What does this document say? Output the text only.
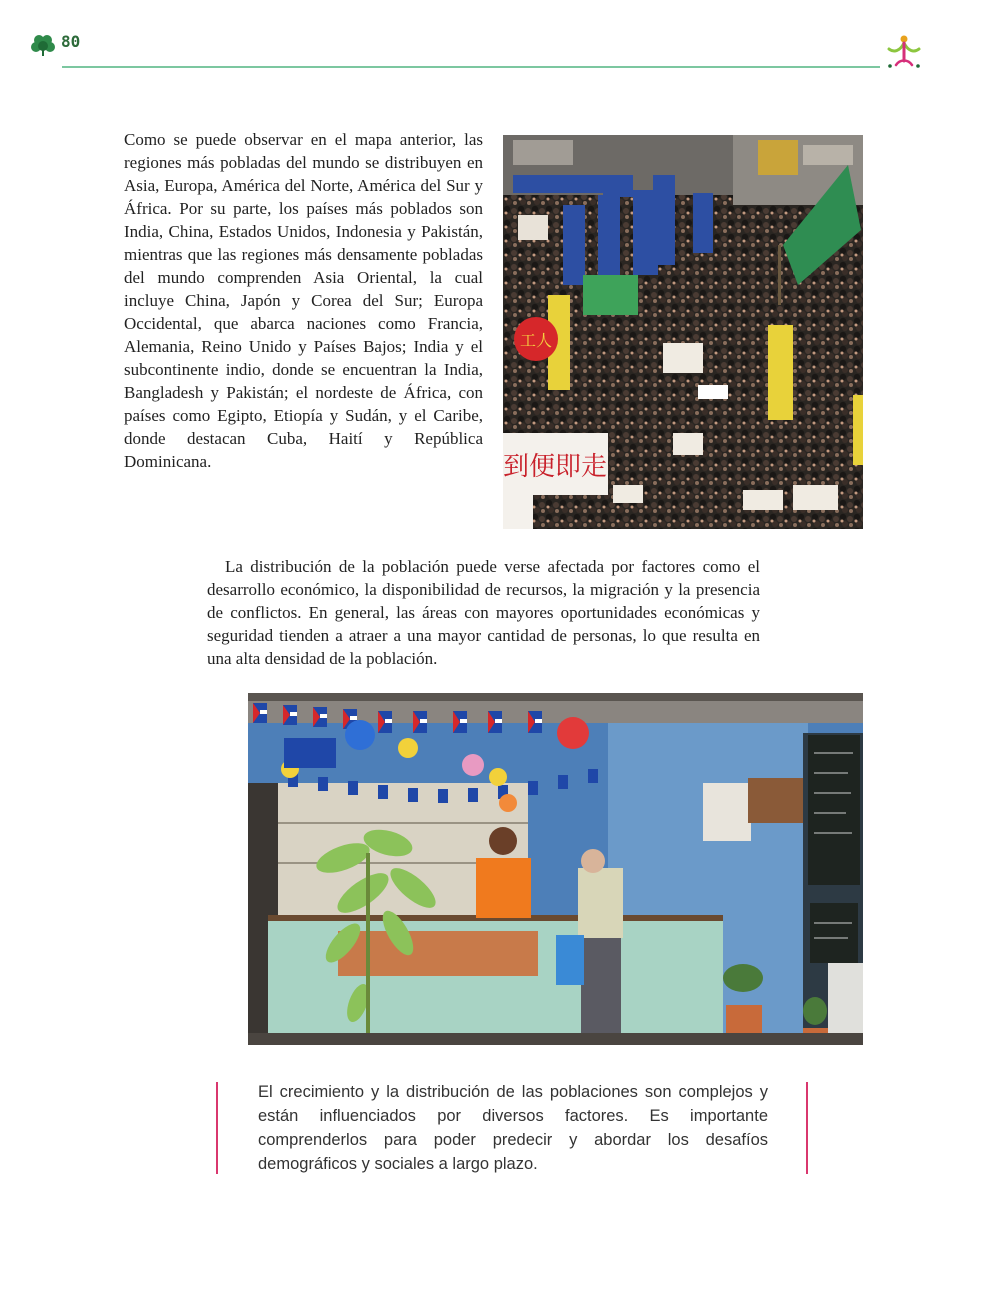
80

Como se puede observar en el mapa anterior, las regiones más pobladas del mundo se distribuyen en Asia, Europa, América del Norte, América del Sur y África. Por su parte, los países más poblados son India, China, Estados Unidos, Indonesia y Pakistán, mientras que las regiones más densamente pobladas del mundo comprenden Asia Oriental, la cual incluye China, Japón y Corea del Sur; Europa Occidental, que abarca naciones como Francia, Alemania, Reino Unido y Países Bajos; India y el subcontinente indio, donde se encuentran la India, Bangladesh y Pakistán; el nordeste de África, con países como Egipto, Etiopía y Sudán, y el Caribe, donde destacan Cuba, Haití y República Dominicana.

工人
到便即走

La distribución de la población puede verse afectada por factores como el desarrollo económico, la disponibilidad de recursos, la migración y la presencia de conflictos. En general, las áreas con mayores oportunidades económicas y seguridad tienden a atraer a una mayor cantidad de personas, lo que resulta en una alta densidad de la población.

El crecimiento y la distribución de las poblaciones son complejos y están influenciados por diversos factores. Es importante comprenderlos para poder predecir y abordar los desafíos demográficos y sociales a largo plazo.
